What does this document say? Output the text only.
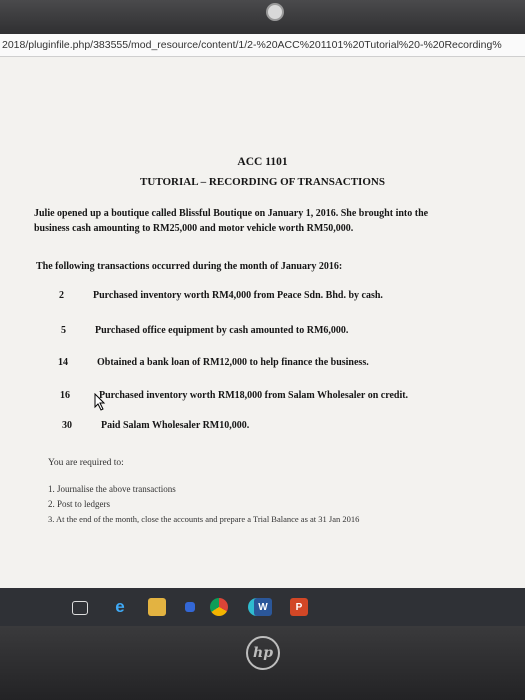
2018/pluginfile.php/383555/mod_resource/content/1/2-%20ACC%201101%20Tutorial%20-%20Recording%
ACC 1101
TUTORIAL – RECORDING OF TRANSACTIONS
Julie opened up a boutique called Blissful Boutique on January 1, 2016. She brought into the
business cash amounting to RM25,000 and motor vehicle worth RM50,000.
The following transactions occurred during the month of January 2016:
2	Purchased inventory worth RM4,000 from Peace Sdn. Bhd. by cash.
5	Purchased office equipment by cash amounted to RM6,000.
14	Obtained a bank loan of RM12,000 to help finance the business.
16	Purchased inventory worth RM18,000 from Salam Wholesaler on credit.
30	Paid Salam Wholesaler RM10,000.
You are required to:
1. Journalise the above transactions
2. Post to ledgers
3. At the end of the month, close the accounts and prepare a Trial Balance as at 31 Jan 2016
e	W	P
hp
